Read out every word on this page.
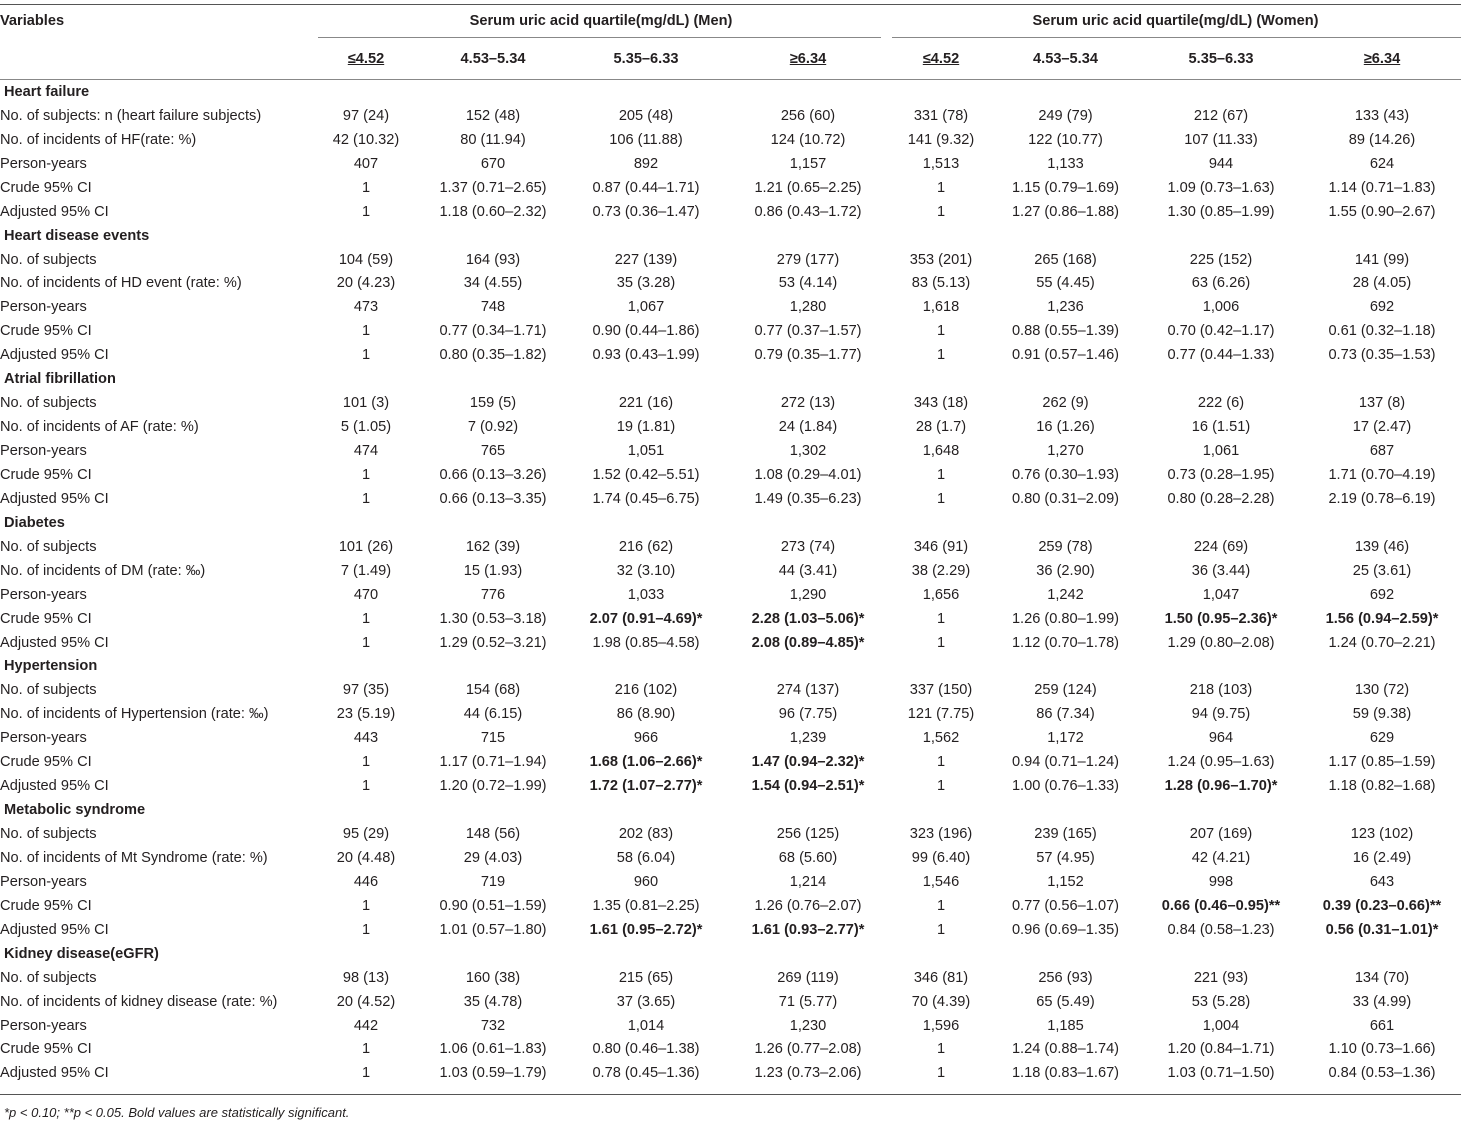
Variables	Serum uric acid quartile(mg/dL) (Men)				Serum uric acid quartile(mg/dL) (Women)			
	≤4.52	4.53–5.34	5.35–6.33	≥6.34	≤4.52	4.53–5.34	5.35–6.33	≥6.34
Heart failure								
No. of subjects: n (heart failure subjects)	97 (24)	152 (48)	205 (48)	256 (60)	331 (78)	249 (79)	212 (67)	133 (43)
No. of incidents of HF(rate: %)	42 (10.32)	80 (11.94)	106 (11.88)	124 (10.72)	141 (9.32)	122 (10.77)	107 (11.33)	89 (14.26)
Person-years	407	670	892	1,157	1,513	1,133	944	624
Crude 95% CI	1	1.37 (0.71–2.65)	0.87 (0.44–1.71)	1.21 (0.65–2.25)	1	1.15 (0.79–1.69)	1.09 (0.73–1.63)	1.14 (0.71–1.83)
Adjusted 95% CI	1	1.18 (0.60–2.32)	0.73 (0.36–1.47)	0.86 (0.43–1.72)	1	1.27 (0.86–1.88)	1.30 (0.85–1.99)	1.55 (0.90–2.67)
Heart disease events								
No. of subjects	104 (59)	164 (93)	227 (139)	279 (177)	353 (201)	265 (168)	225 (152)	141 (99)
No. of incidents of HD event (rate: %)	20 (4.23)	34 (4.55)	35 (3.28)	53 (4.14)	83 (5.13)	55 (4.45)	63 (6.26)	28 (4.05)
Person-years	473	748	1,067	1,280	1,618	1,236	1,006	692
Crude 95% CI	1	0.77 (0.34–1.71)	0.90 (0.44–1.86)	0.77 (0.37–1.57)	1	0.88 (0.55–1.39)	0.70 (0.42–1.17)	0.61 (0.32–1.18)
Adjusted 95% CI	1	0.80 (0.35–1.82)	0.93 (0.43–1.99)	0.79 (0.35–1.77)	1	0.91 (0.57–1.46)	0.77 (0.44–1.33)	0.73 (0.35–1.53)
Atrial fibrillation								
No. of subjects	101 (3)	159 (5)	221 (16)	272 (13)	343 (18)	262 (9)	222 (6)	137 (8)
No. of incidents of AF (rate: %)	5 (1.05)	7 (0.92)	19 (1.81)	24 (1.84)	28 (1.7)	16 (1.26)	16 (1.51)	17 (2.47)
Person-years	474	765	1,051	1,302	1,648	1,270	1,061	687
Crude 95% CI	1	0.66 (0.13–3.26)	1.52 (0.42–5.51)	1.08 (0.29–4.01)	1	0.76 (0.30–1.93)	0.73 (0.28–1.95)	1.71 (0.70–4.19)
Adjusted 95% CI	1	0.66 (0.13–3.35)	1.74 (0.45–6.75)	1.49 (0.35–6.23)	1	0.80 (0.31–2.09)	0.80 (0.28–2.28)	2.19 (0.78–6.19)
Diabetes								
No. of subjects	101 (26)	162 (39)	216 (62)	273 (74)	346 (91)	259 (78)	224 (69)	139 (46)
No. of incidents of DM (rate: ‰)	7 (1.49)	15 (1.93)	32 (3.10)	44 (3.41)	38 (2.29)	36 (2.90)	36 (3.44)	25 (3.61)
Person-years	470	776	1,033	1,290	1,656	1,242	1,047	692
Crude 95% CI	1	1.30 (0.53–3.18)	2.07 (0.91–4.69)*	2.28 (1.03–5.06)*	1	1.26 (0.80–1.99)	1.50 (0.95–2.36)*	1.56 (0.94–2.59)*
Adjusted 95% CI	1	1.29 (0.52–3.21)	1.98 (0.85–4.58)	2.08 (0.89–4.85)*	1	1.12 (0.70–1.78)	1.29 (0.80–2.08)	1.24 (0.70–2.21)
Hypertension								
No. of subjects	97 (35)	154 (68)	216 (102)	274 (137)	337 (150)	259 (124)	218 (103)	130 (72)
No. of incidents of Hypertension (rate: ‰)	23 (5.19)	44 (6.15)	86 (8.90)	96 (7.75)	121 (7.75)	86 (7.34)	94 (9.75)	59 (9.38)
Person-years	443	715	966	1,239	1,562	1,172	964	629
Crude 95% CI	1	1.17 (0.71–1.94)	1.68 (1.06–2.66)*	1.47 (0.94–2.32)*	1	0.94 (0.71–1.24)	1.24 (0.95–1.63)	1.17 (0.85–1.59)
Adjusted 95% CI	1	1.20 (0.72–1.99)	1.72 (1.07–2.77)*	1.54 (0.94–2.51)*	1	1.00 (0.76–1.33)	1.28 (0.96–1.70)*	1.18 (0.82–1.68)
Metabolic syndrome								
No. of subjects	95 (29)	148 (56)	202 (83)	256 (125)	323 (196)	239 (165)	207 (169)	123 (102)
No. of incidents of Mt Syndrome (rate: %)	20 (4.48)	29 (4.03)	58 (6.04)	68 (5.60)	99 (6.40)	57 (4.95)	42 (4.21)	16 (2.49)
Person-years	446	719	960	1,214	1,546	1,152	998	643
Crude 95% CI	1	0.90 (0.51–1.59)	1.35 (0.81–2.25)	1.26 (0.76–2.07)	1	0.77 (0.56–1.07)	0.66 (0.46–0.95)**	0.39 (0.23–0.66)**
Adjusted 95% CI	1	1.01 (0.57–1.80)	1.61 (0.95–2.72)*	1.61 (0.93–2.77)*	1	0.96 (0.69–1.35)	0.84 (0.58–1.23)	0.56 (0.31–1.01)*
Kidney disease(eGFR)								
No. of subjects	98 (13)	160 (38)	215 (65)	269 (119)	346 (81)	256 (93)	221 (93)	134 (70)
No. of incidents of kidney disease (rate: %)	20 (4.52)	35 (4.78)	37 (3.65)	71 (5.77)	70 (4.39)	65 (5.49)	53 (5.28)	33 (4.99)
Person-years	442	732	1,014	1,230	1,596	1,185	1,004	661
Crude 95% CI	1	1.06 (0.61–1.83)	0.80 (0.46–1.38)	1.26 (0.77–2.08)	1	1.24 (0.88–1.74)	1.20 (0.84–1.71)	1.10 (0.73–1.66)
Adjusted 95% CI	1	1.03 (0.59–1.79)	0.78 (0.45–1.36)	1.23 (0.73–2.06)	1	1.18 (0.83–1.67)	1.03 (0.71–1.50)	0.84 (0.53–1.36)
*p < 0.10; **p < 0.05. Bold values are statistically significant.
